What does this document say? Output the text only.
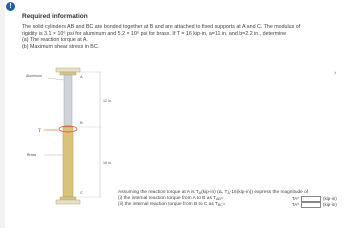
!
Required information
The solid cylinders AB and BC are bonded together at B and are attached to fixed supports at A and C. The modulus of
rigidity is 3.1 × 10⁶ psi for aluminum and 5.2 × 10⁶ psi for brass. If T = 16 kip-in, a=11 in. and b=2.2 in., determine
(a) The reaction torque at A.
(b) Maximum shear stress in BC.
Aluminum
T
Brass
A
B
C
12 in.
18 in.
›
Assuming the reaction torque at A is T A (kip-in) (Δ, T A -16(kip-in)) express the magnitude of
(i) the internal reaction torque from A to B as T AB =	TA*	(kip-in)
(ii) the internal reaction torque from B to C as T BC =	TA*	(kip-in)
